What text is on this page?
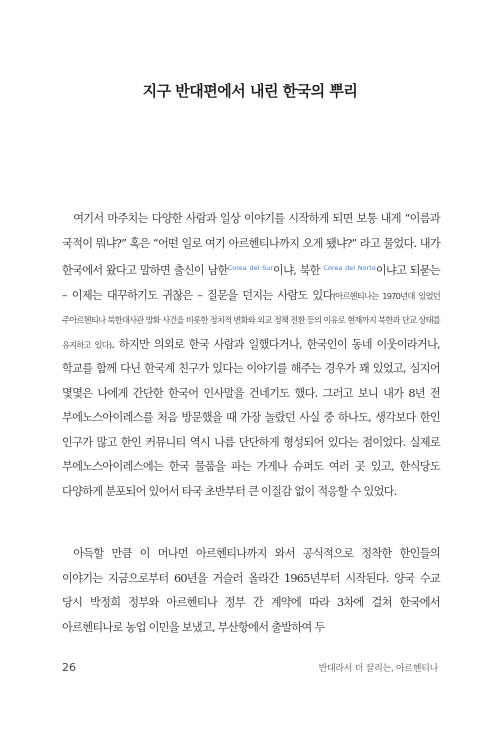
지구 반대편에서 내린 한국의 뿌리

여기서 마주치는 다양한 사람과 일상 이야기를 시작하게 되면 보통 내게 “이름과 국적이 뭐냐?” 혹은 “어떤 일로 여기 아르헨티나까지 오게 됐냐?” 라고 물었다. 내가 한국에서 왔다고 말하면 출신이 남한$^{Corea del Sur}$이냐, 북한 $^{Corea del Norte}$이냐고 되묻는 – 이제는 대꾸하기도 귀찮은 – 질문을 던지는 사람도 있다(아르헨티나는 1970년대 있었던 주아르헨티나 북한대사관 방화 사건을 비롯한 정치적 변화와 외교 정책 전환 등의 이유로 현재까지 북한과 단교 상태를 유지하고 있다). 하지만 의외로 한국 사람과 일했다거나, 한국인이 동네 이웃이라거나, 학교를 함께 다닌 한국계 친구가 있다는 이야기를 해주는 경우가 꽤 있었고, 심지어 몇몇은 나에게 간단한 한국어 인사말을 건네기도 했다. 그러고 보니 내가 8년 전 부에노스아이레스를 처음 방문했을 때 가장 놀랐던 사실 중 하나도, 생각보다 한인 인구가 많고 한인 커뮤니티 역시 나름 단단하게 형성되어 있다는 점이었다. 실제로 부에노스아이레스에는 한국 물품을 파는 가게나 슈퍼도 여러 곳 있고, 한식당도 다양하게 분포되어 있어서 타국 초반부터 큰 이질감 없이 적응할 수 있었다.

아득할 만큼 이 머나먼 아르헨티나까지 와서 공식적으로 정착한 한인들의 이야기는 지금으로부터 60년을 거슬러 올라간 1965년부터 시작된다. 양국 수교 당시 박정희 정부와 아르헨티나 정부 간 계약에 따라 3차에 걸쳐 한국에서 아르헨티나로 농업 이민을 보냈고, 부산항에서 출발하여 두

26	반대라서 더 끌리는, 아르헨티나
